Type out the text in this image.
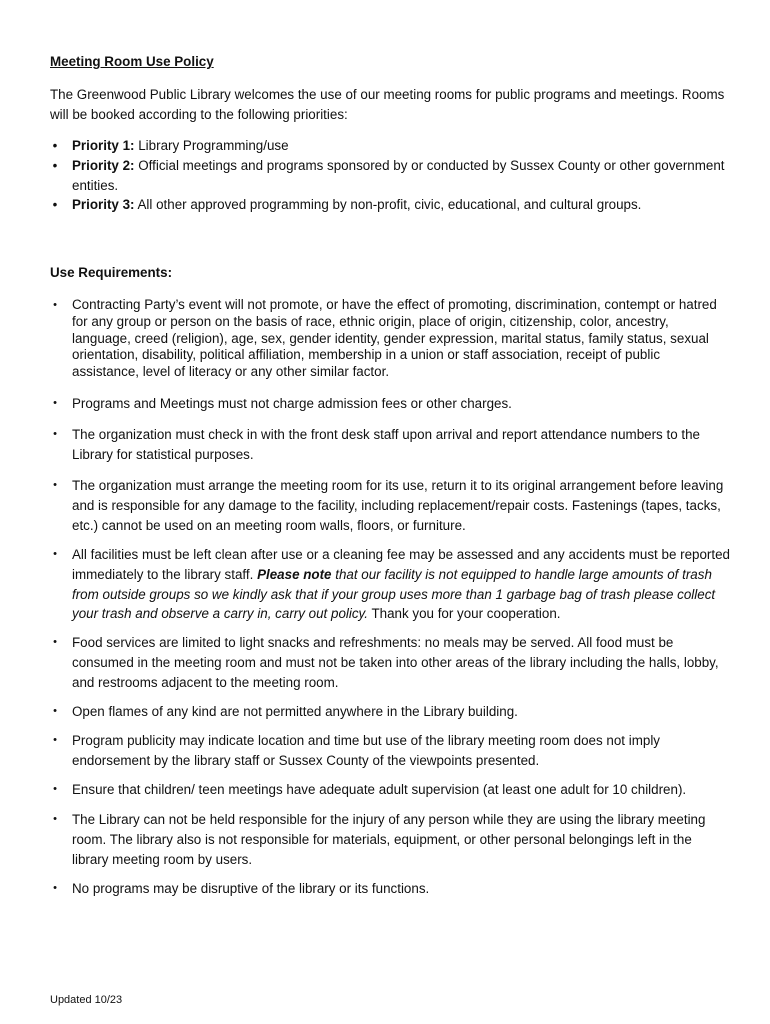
Meeting Room Use Policy
The Greenwood Public Library welcomes the use of our meeting rooms for public programs and meetings. Rooms will be booked according to the following priorities:
• Priority 1: Library Programming/use
• Priority 2: Official meetings and programs sponsored by or conducted by Sussex County or other government entities.
• Priority 3: All other approved programming by non-profit, civic, educational, and cultural groups.
Use Requirements:
• Contracting Party’s event will not promote, or have the effect of promoting, discrimination, contempt or hatred for any group or person on the basis of race, ethnic origin, place of origin, citizenship, color, ancestry, language, creed (religion), age, sex, gender identity, gender expression, marital status, family status, sexual orientation, disability, political affiliation, membership in a union or staff association, receipt of public assistance, level of literacy or any other similar factor.
• Programs and Meetings must not charge admission fees or other charges.
• The organization must check in with the front desk staff upon arrival and report attendance numbers to the Library for statistical purposes.
• The organization must arrange the meeting room for its use, return it to its original arrangement before leaving and is responsible for any damage to the facility, including replacement/repair costs. Fastenings (tapes, tacks, etc.) cannot be used on an meeting room walls, floors, or furniture.
• All facilities must be left clean after use or a cleaning fee may be assessed and any accidents must be reported immediately to the library staff. Please note that our facility is not equipped to handle large amounts of trash from outside groups so we kindly ask that if your group uses more than 1 garbage bag of trash please collect your trash and observe a carry in, carry out policy. Thank you for your cooperation.
• Food services are limited to light snacks and refreshments: no meals may be served. All food must be consumed in the meeting room and must not be taken into other areas of the library including the halls, lobby, and restrooms adjacent to the meeting room.
• Open flames of any kind are not permitted anywhere in the Library building.
• Program publicity may indicate location and time but use of the library meeting room does not imply endorsement by the library staff or Sussex County of the viewpoints presented.
• Ensure that children/ teen meetings have adequate adult supervision (at least one adult for 10 children).
• The Library can not be held responsible for the injury of any person while they are using the library meeting room. The library also is not responsible for materials, equipment, or other personal belongings left in the library meeting room by users.
• No programs may be disruptive of the library or its functions.
Updated 10/23
